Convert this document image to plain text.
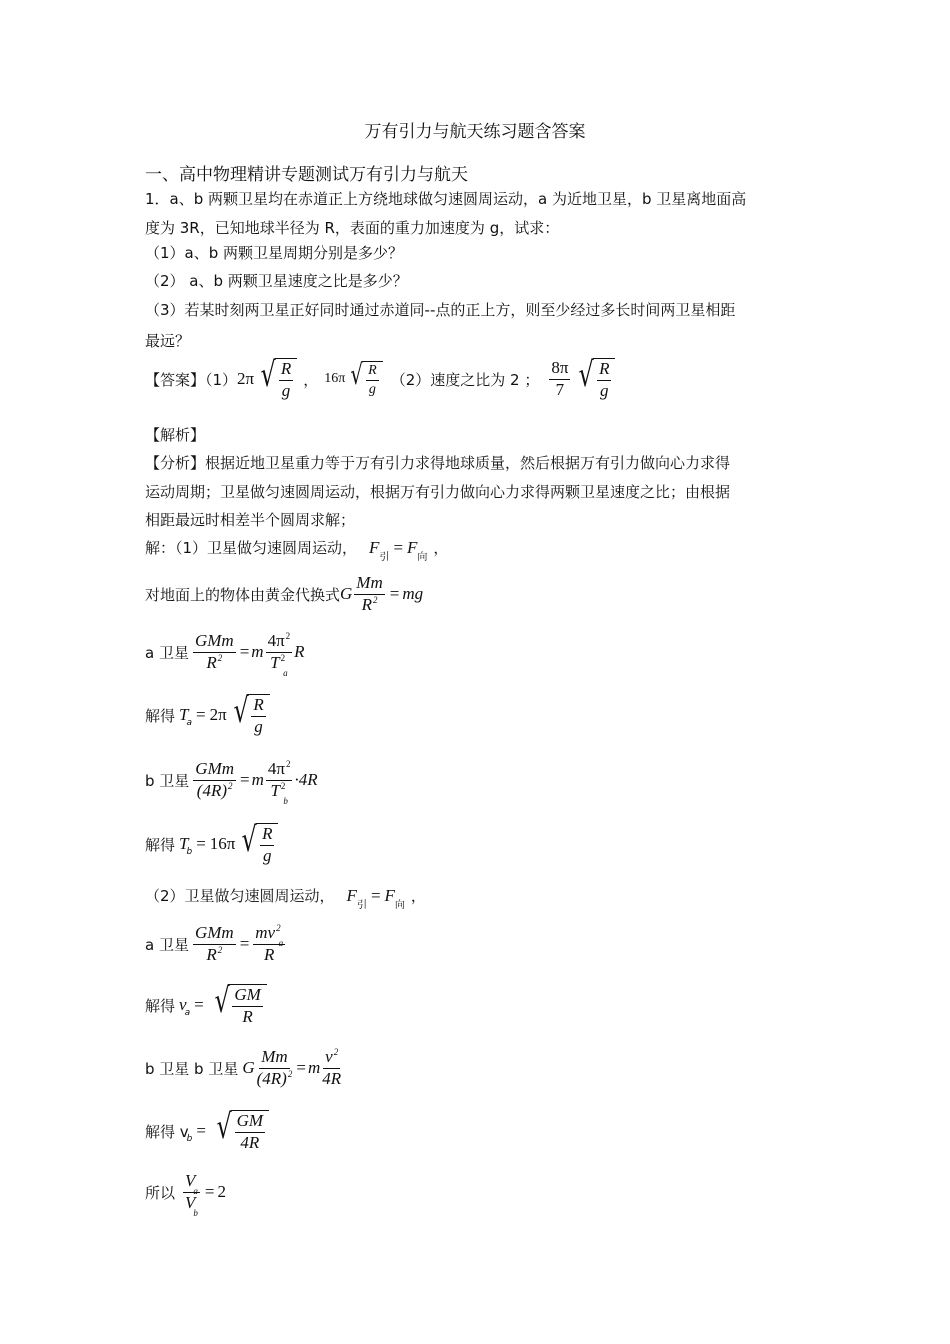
万有引力与航天练习题含答案
一、高中物理精讲专题测试万有引力与航天
1．a、b 两颗卫星均在赤道正上方绕地球做匀速圆周运动，a 为近地卫星，b 卫星离地面高
度为 3R，已知地球半径为 R，表面的重力加速度为 g，试求：
（1）a、b 两颗卫星周期分别是多少？
（2） a、b 两颗卫星速度之比是多少？
（3）若某时刻两卫星正好同时通过赤道同--点的正上方，则至少经过多长时间两卫星相距
最远？
【答案】（1） 2π √ $\frac{R}{g}$ ， 16π √ $\frac{R}{g} (2)$速度之比为 2 ； $\frac{8\pi}{7}$ √ $\frac{R}{g}$
【解析】
【分析】根据近地卫星重力等于万有引力求得地球质量，然后根据万有引力做向心力求得
运动周期；卫星做匀速圆周运动，根据万有引力做向心力求得两颗卫星速度之比；由根据
相距最远时相差半个圆周求解；
解：（1）卫星做匀速圆周运动， F
引
= F
向
，
对地面上的物体由黄金代换式 G $\frac{Mm}{R^2}$ = mg
a 卫星 $\frac{\text{GMm}}{R^2} = m \frac{4\pi^2}{T^2_a}$ R
解得 T
$_a$ = 2π √ $\frac{R}{g}$
b 卫星 $\frac{\text{GMm}}{(4R)^2} = m \frac{4\pi^2}{T^2_b} \cdot 4R$
解得 T
$_b$ = 16π √ $\frac{R}{g}$
（2）卫星做匀速圆周运动， F
引
= F
向
，
a 卫星 $\frac{\text{GMm}}{R^2} = \frac{mv^2_a}{R}$
解得 v
$_a$ = √ $\frac{GM}{R}$
b 卫星 b 卫星 G $\frac{Mm}{(4R)^2} = m \frac{v^2}{4R}$
解得 v
$_b$ = √ $\frac{GM}{4R}$
所以 $\frac{V_a}{V_b} = 2$
